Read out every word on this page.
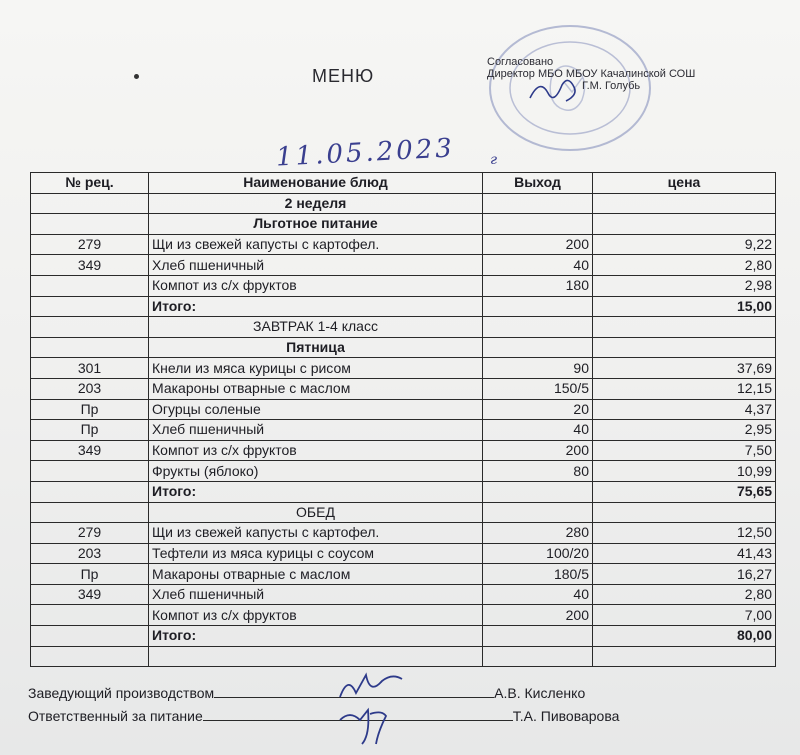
МЕНЮ
Согласовано
Директор МБО МБОУ Качалинской СОШ
Г.М. Голубь
11.05.2023 г
№ рец.	Наименование блюд	Выход	цена
	2 неделя		
	Льготное питание		
279	Щи из свежей капусты с картофел.	200	9,22
349	Хлеб пшеничный	40	2,80
	Компот из с/х фруктов	180	2,98
	Итого:		15,00
	ЗАВТРАК 1-4 класс		
	Пятница		
301	Кнели из мяса курицы с рисом	90	37,69
203	Макароны отварные с маслом	150/5	12,15
Пр	Огурцы соленые	20	4,37
Пр	Хлеб пшеничный	40	2,95
349	Компот из с/х фруктов	200	7,50
	Фрукты (яблоко)	80	10,99
	Итого:		75,65
	ОБЕД		
279	Щи из свежей капусты с картофел.	280	12,50
203	Тефтели из мяса курицы с соусом	100/20	41,43
Пр	Макароны отварные с маслом	180/5	16,27
349	Хлеб пшеничный	40	2,80
	Компот из с/х фруктов	200	7,00
	Итого:		80,00

Заведующий производством	А.В. Кисленко
Ответственный за питание	Т.А. Пивоварова
